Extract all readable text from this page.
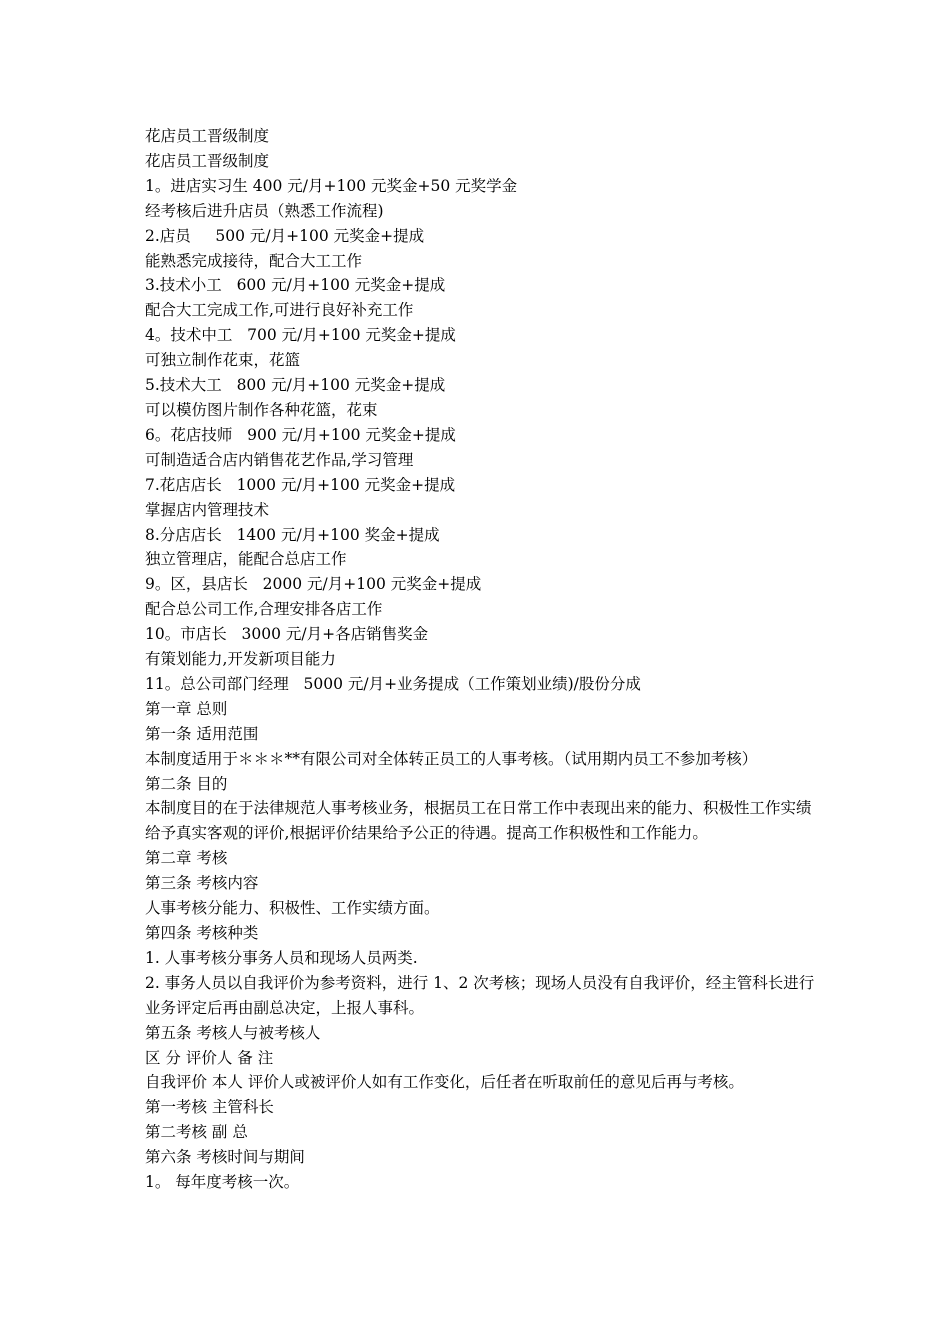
花店员工晋级制度
花店员工晋级制度
1。进店实习生 400 元/月+100 元奖金+50 元奖学金
经考核后进升店员（熟悉工作流程)
2.店员     500 元/月+100 元奖金+提成
能熟悉完成接待，配合大工工作
3.技术小工   600 元/月+100 元奖金+提成
配合大工完成工作,可进行良好补充工作
4。技术中工   700 元/月+100 元奖金+提成
可独立制作花束，花篮
5.技术大工   800 元/月+100 元奖金+提成
可以模仿图片制作各种花篮，花束
6。花店技师   900 元/月+100 元奖金+提成
可制造适合店内销售花艺作品,学习管理
7.花店店长   1000 元/月+100 元奖金+提成
掌握店内管理技术
8.分店店长   1400 元/月+100 奖金+提成
独立管理店，能配合总店工作
9。区，县店长   2000 元/月+100 元奖金+提成
配合总公司工作,合理安排各店工作
10。市店长   3000 元/月+各店销售奖金
有策划能力,开发新项目能力
11。总公司部门经理   5000 元/月+业务提成（工作策划业绩)/股份分成
第一章 总则
第一条 适用范围
本制度适用于＊＊＊**有限公司对全体转正员工的人事考核。（试用期内员工不参加考核）
第二条 目的
本制度目的在于法律规范人事考核业务，根据员工在日常工作中表现出来的能力、积极性工作实绩给予真实客观的评价,根据评价结果给予公正的待遇。提高工作积极性和工作能力。
第二章 考核
第三条 考核内容
人事考核分能力、积极性、工作实绩方面。
第四条 考核种类
1. 人事考核分事务人员和现场人员两类.
2. 事务人员以自我评价为参考资料，进行 1、2 次考核；现场人员没有自我评价，经主管科长进行业务评定后再由副总决定，上报人事科。
第五条 考核人与被考核人
区 分 评价人 备 注
自我评价 本人 评价人或被评价人如有工作变化，后任者在听取前任的意见后再与考核。
第一考核 主管科长
第二考核 副 总
第六条 考核时间与期间
1。 每年度考核一次。
